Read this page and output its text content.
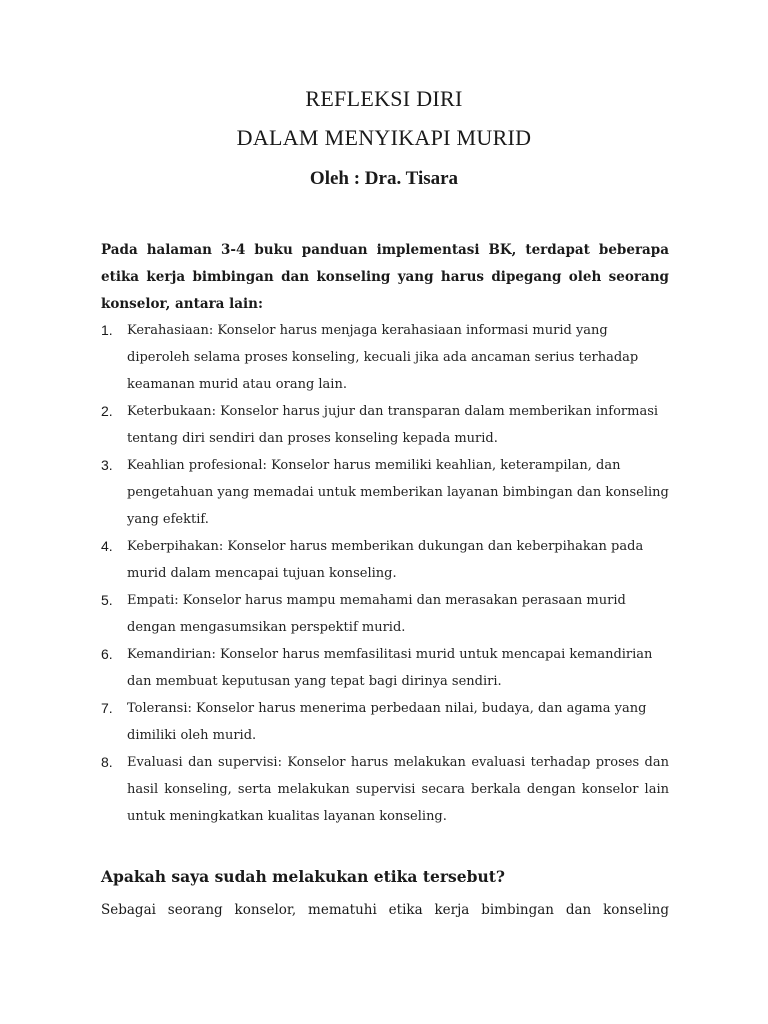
REFLEKSI DIRI
DALAM MENYIKAPI MURID
Oleh : Dra. Tisara

Pada halaman 3-4 buku panduan implementasi BK, terdapat beberapa etika kerja bimbingan dan konseling yang harus dipegang oleh seorang konselor, antara lain:

1. Kerahasiaan: Konselor harus menjaga kerahasiaan informasi murid yang diperoleh selama proses konseling, kecuali jika ada ancaman serius terhadap keamanan murid atau orang lain.
2. Keterbukaan: Konselor harus jujur dan transparan dalam memberikan informasi tentang diri sendiri dan proses konseling kepada murid.
3. Keahlian profesional: Konselor harus memiliki keahlian, keterampilan, dan pengetahuan yang memadai untuk memberikan layanan bimbingan dan konseling yang efektif.
4. Keberpihakan: Konselor harus memberikan dukungan dan keberpihakan pada murid dalam mencapai tujuan konseling.
5. Empati: Konselor harus mampu memahami dan merasakan perasaan murid dengan mengasumsikan perspektif murid.
6. Kemandirian: Konselor harus memfasilitasi murid untuk mencapai kemandirian dan membuat keputusan yang tepat bagi dirinya sendiri.
7. Toleransi: Konselor harus menerima perbedaan nilai, budaya, dan agama yang dimiliki oleh murid.
8. Evaluasi dan supervisi: Konselor harus melakukan evaluasi terhadap proses dan hasil konseling, serta melakukan supervisi secara berkala dengan konselor lain untuk meningkatkan kualitas layanan konseling.

Apakah saya sudah melakukan etika tersebut?

Sebagai seorang konselor, mematuhi etika kerja bimbingan dan konseling
